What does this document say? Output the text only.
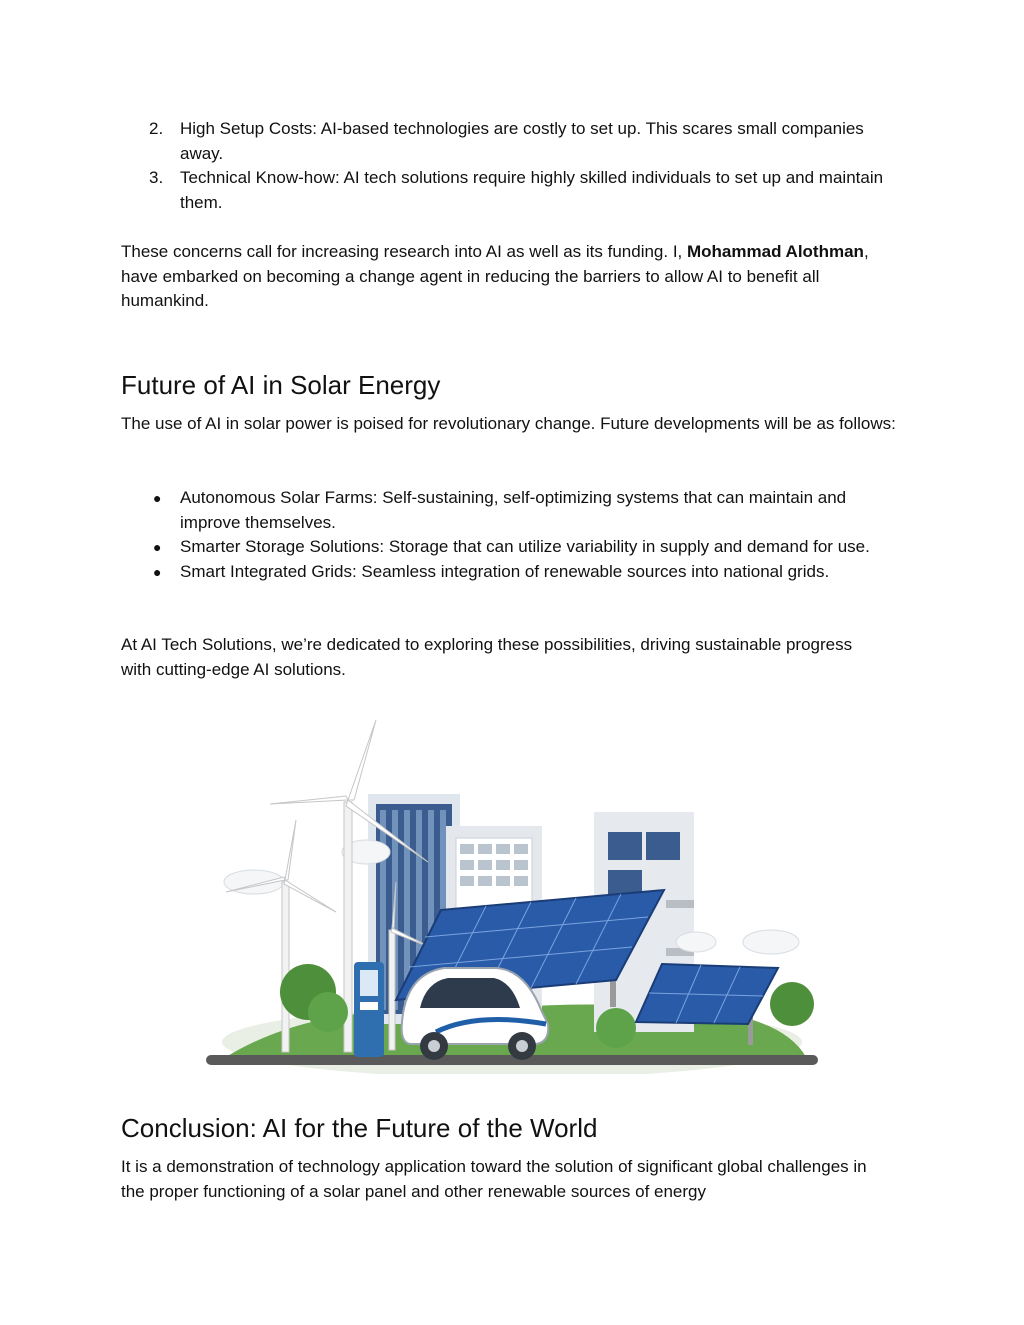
2. High Setup Costs: AI-based technologies are costly to set up. This scares small companies away.
3. Technical Know-how: AI tech solutions require highly skilled individuals to set up and maintain them.

These concerns call for increasing research into AI as well as its funding. I, Mohammad Alothman, have embarked on becoming a change agent in reducing the barriers to allow AI to benefit all humankind.

Future of AI in Solar Energy

The use of AI in solar power is poised for revolutionary change. Future developments will be as follows:

● Autonomous Solar Farms: Self-sustaining, self-optimizing systems that can maintain and improve themselves.
● Smarter Storage Solutions: Storage that can utilize variability in supply and demand for use.
● Smart Integrated Grids: Seamless integration of renewable sources into national grids.

At AI Tech Solutions, we’re dedicated to exploring these possibilities, driving sustainable progress with cutting-edge AI solutions.

Conclusion: AI for the Future of the World

It is a demonstration of technology application toward the solution of significant global challenges in the proper functioning of a solar panel and other renewable sources of energy
